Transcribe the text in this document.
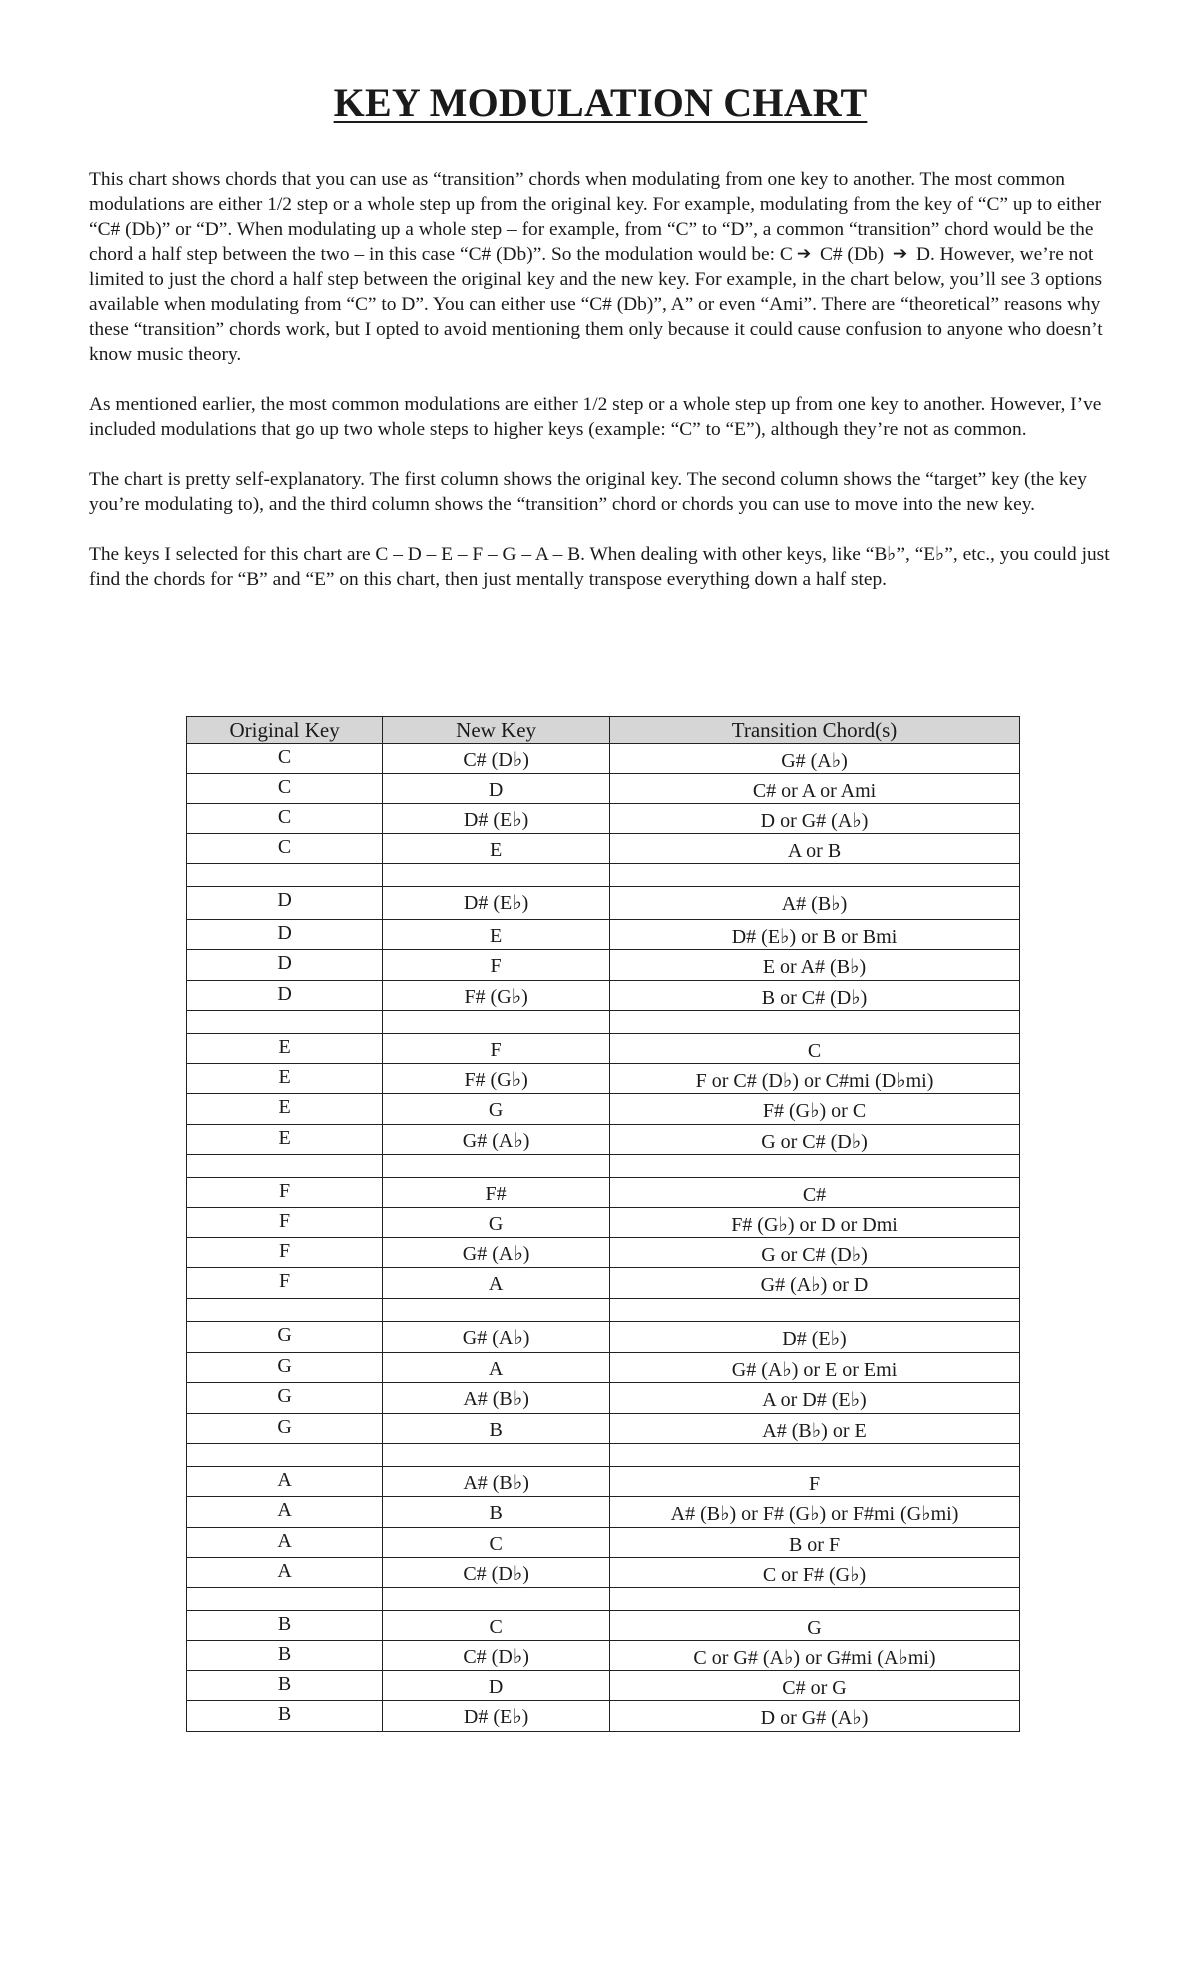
KEY MODULATION CHART

This chart shows chords that you can use as “transition” chords when modulating from one key to another. The most common modulations are either 1/2 step or a whole step up from the original key. For example, modulating from the key of “C” up to either “C# (Db)” or “D”. When modulating up a whole step – for example, from “C” to “D”, a common “transition” chord would be the chord a half step between the two – in this case “C# (Db)”. So the modulation would be: C ➔ C# (Db) ➔ D. However, we’re not limited to just the chord a half step between the original key and the new key. For example, in the chart below, you’ll see 3 options available when modulating from “C” to D”. You can either use “C# (Db)”, A” or even “Ami”. There are “theoretical” reasons why these “transition” chords work, but I opted to avoid mentioning them only because it could cause confusion to anyone who doesn’t know music theory.

As mentioned earlier, the most common modulations are either 1/2 step or a whole step up from one key to another. However, I’ve included modulations that go up two whole steps to higher keys (example: “C” to “E”), although they’re not as common.

The chart is pretty self-explanatory. The first column shows the original key. The second column shows the “target” key (the key you’re modulating to), and the third column shows the “transition” chord or chords you can use to move into the new key.

The keys I selected for this chart are C – D – E – F – G – A – B. When dealing with other keys, like “B♭”, “E♭”, etc., you could just find the chords for “B” and “E” on this chart, then just mentally transpose everything down a half step.

Original Key	New Key	Transition Chord(s)

C	C# (D♭)	G# (A♭)

C	D	C# or A or Ami

C	D# (E♭)	D or G# (A♭)

C	E	A or B

D	D# (E♭)	A# (B♭)

D	E	D# (E♭) or B or Bmi

D	F	E or A# (B♭)

D	F# (G♭)	B or C# (D♭)

E	F	C

E	F# (G♭)	F or C# (D♭) or C#mi (D♭mi)

E	G	F# (G♭) or C

E	G# (A♭)	G or C# (D♭)

F	F#	C#

F	G	F# (G♭) or D or Dmi

F	G# (A♭)	G or C# (D♭)

F	A	G# (A♭) or D

G	G# (A♭)	D# (E♭)

G	A	G# (A♭) or E or Emi

G	A# (B♭)	A or D# (E♭)

G	B	A# (B♭) or E

A	A# (B♭)	F

A	B	A# (B♭) or F# (G♭) or F#mi (G♭mi)

A	C	B or F

A	C# (D♭)	C or F# (G♭)

B	C	G

B	C# (D♭)	C or G# (A♭) or G#mi (A♭mi)

B	D	C# or G

B	D# (E♭)	D or G# (A♭)
